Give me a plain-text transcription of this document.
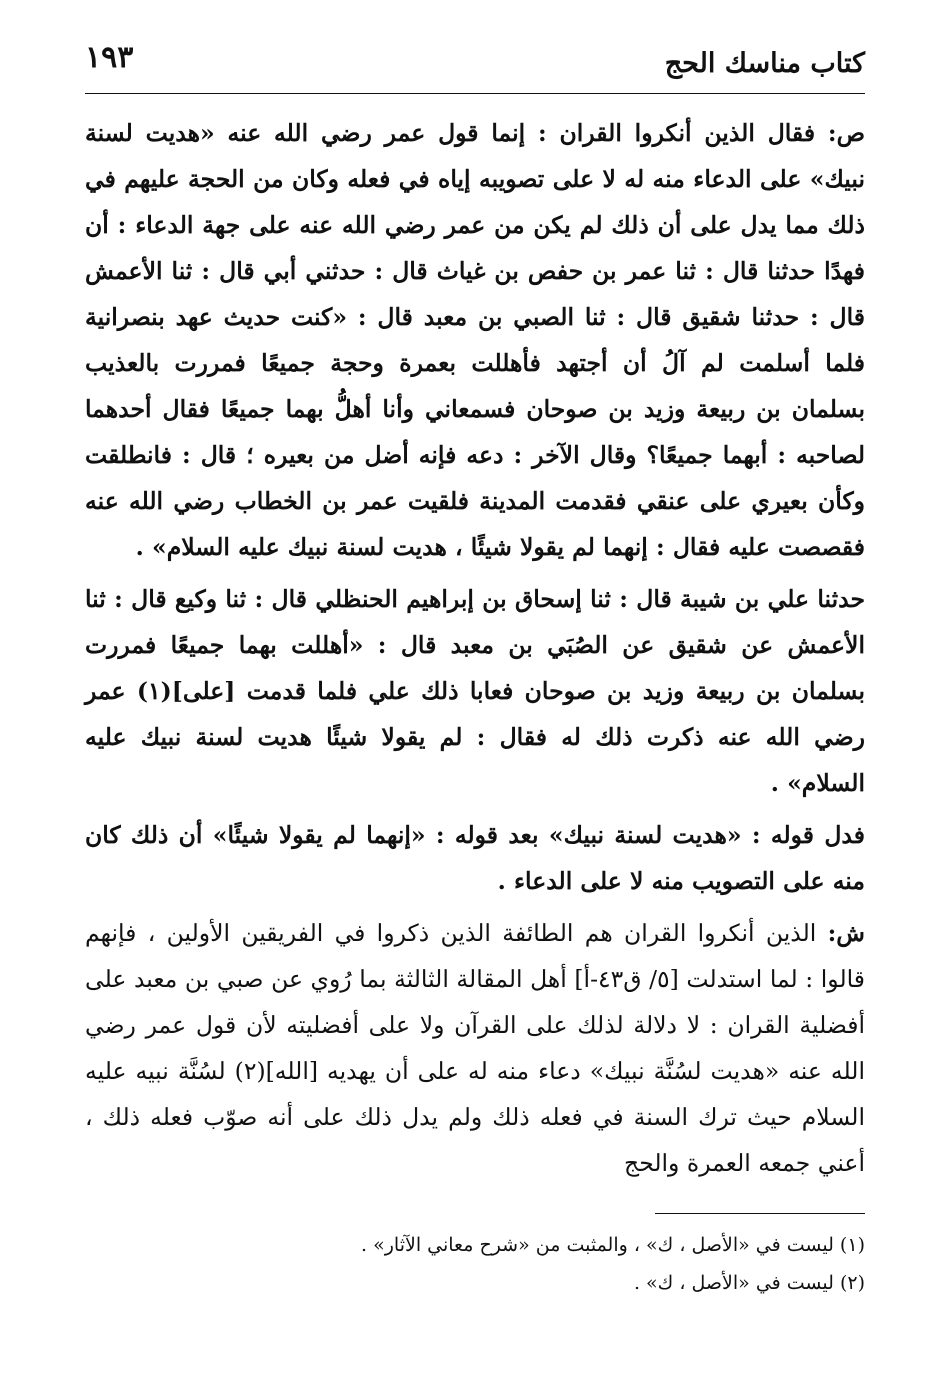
١٩٣	كتاب مناسك الحج

ص: فقال الذين أنكروا القران : إنما قول عمر رضي الله عنه «هديت لسنة نبيك» على الدعاء منه له لا على تصويبه إياه في فعله وكان من الحجة عليهم في ذلك مما يدل على أن ذلك لم يكن من عمر رضي الله عنه على جهة الدعاء : أن فهدًا حدثنا قال : ثنا عمر بن حفص بن غياث قال : حدثني أبي قال : ثنا الأعمش قال : حدثنا شقيق قال : ثنا الصبي بن معبد قال : «كنت حديث عهد بنصرانية فلما أسلمت لم آلُ أن أجتهد فأهللت بعمرة وحجة جميعًا فمررت بالعذيب بسلمان بن ربيعة وزيد بن صوحان فسمعاني وأنا أهلُّ بهما جميعًا فقال أحدهما لصاحبه : أبهما جميعًا؟ وقال الآخر : دعه فإنه أضل من بعيره ؛ قال : فانطلقت وكأن بعيري على عنقي فقدمت المدينة فلقيت عمر بن الخطاب رضي الله عنه فقصصت عليه فقال : إنهما لم يقولا شيئًا ، هديت لسنة نبيك عليه السلام» .

حدثنا علي بن شيبة قال : ثنا إسحاق بن إبراهيم الحنظلي قال : ثنا وكيع قال : ثنا الأعمش عن شقيق عن الصُبَي بن معبد قال : «أهللت بهما جميعًا فمررت بسلمان بن ربيعة وزيد بن صوحان فعابا ذلك علي فلما قدمت [على](١) عمر رضي الله عنه ذكرت ذلك له فقال : لم يقولا شيئًا هديت لسنة نبيك عليه السلام» .

فدل قوله : «هديت لسنة نبيك» بعد قوله : «إنهما لم يقولا شيئًا» أن ذلك كان منه على التصويب منه لا على الدعاء .

ش: الذين أنكروا القران هم الطائفة الذين ذكروا في الفريقين الأولين ، فإنهم قالوا : لما استدلت [٥/ ق٤٣-أ] أهل المقالة الثالثة بما رُوي عن صبي بن معبد على أفضلية القران : لا دلالة لذلك على القرآن ولا على أفضليته لأن قول عمر رضي الله عنه «هديت لسُنَّة نبيك» دعاء منه له على أن يهديه [الله](٢) لسُنَّة نبيه عليه السلام حيث ترك السنة في فعله ذلك ولم يدل ذلك على أنه صوّب فعله ذلك ، أعني جمعه العمرة والحج

(١) ليست في «الأصل ، ك» ، والمثبت من «شرح معاني الآثار» .

(٢) ليست في «الأصل ، ك» .
